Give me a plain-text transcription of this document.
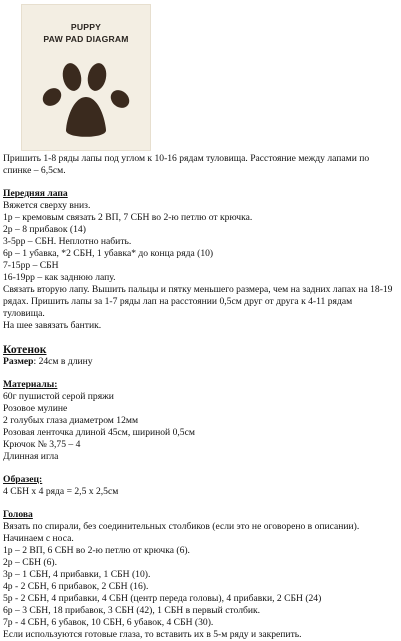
PUPPY
PAW PAD DIAGRAM

Пришить 1-8 ряды лапы под углом к 10-16 рядам туловища. Расстояние между лапами по спинке – 6,5см.

Передняя лапа

Вяжется сверху вниз.

1р – кремовым связать 2 ВП, 7 СБН во 2-ю петлю от крючка.

2р – 8 прибавок (14)

3-5рр – СБН. Неплотно набить.

6р – 1 убавка, *2 СБН, 1 убавка* до конца ряда (10)

7-15рр – СБН

16-19рр – как заднюю лапу.

Связать вторую лапу. Вышить пальцы и пятку меньшего размера, чем на задних лапах на 18-19 рядах. Пришить лапы за 1-7 ряды лап на расстоянии 0,5см друг от друга к 4-11 рядам туловища.

На шее завязать бантик.

Котенок

Размер: 24см в длину

Материалы:

60г пушистой серой пряжи

Розовое мулине

2 голубых глаза диаметром 12мм

Розовая ленточка длиной 45см, шириной 0,5см

Крючок № 3,75 – 4

Длинная игла

Образец:

4 СБН х 4 ряда = 2,5 х 2,5см

Голова

Вязать по спирали, без соединительных столбиков (если это не оговорено в описании).

Начинаем с носа.

1р – 2 ВП, 6 СБН во 2-ю петлю от крючка (6).

2р – СБН (6).

3р – 1 СБН, 4 прибавки, 1 СБН (10).

4р - 2 СБН, 6 прибавок, 2 СБН (16).

5р - 2 СБН, 4 прибавки, 4 СБН (центр переда головы), 4 прибавки, 2 СБН (24)

6р – 3 СБН, 18 прибавок, 3 СБН (42), 1 СБН в первый столбик.

7р - 4 СБН, 6 убавок, 10 СБН, 6 убавок, 4 СБН (30).

Если используются готовые глаза, то вставить их в 5-м ряду и закрепить.
